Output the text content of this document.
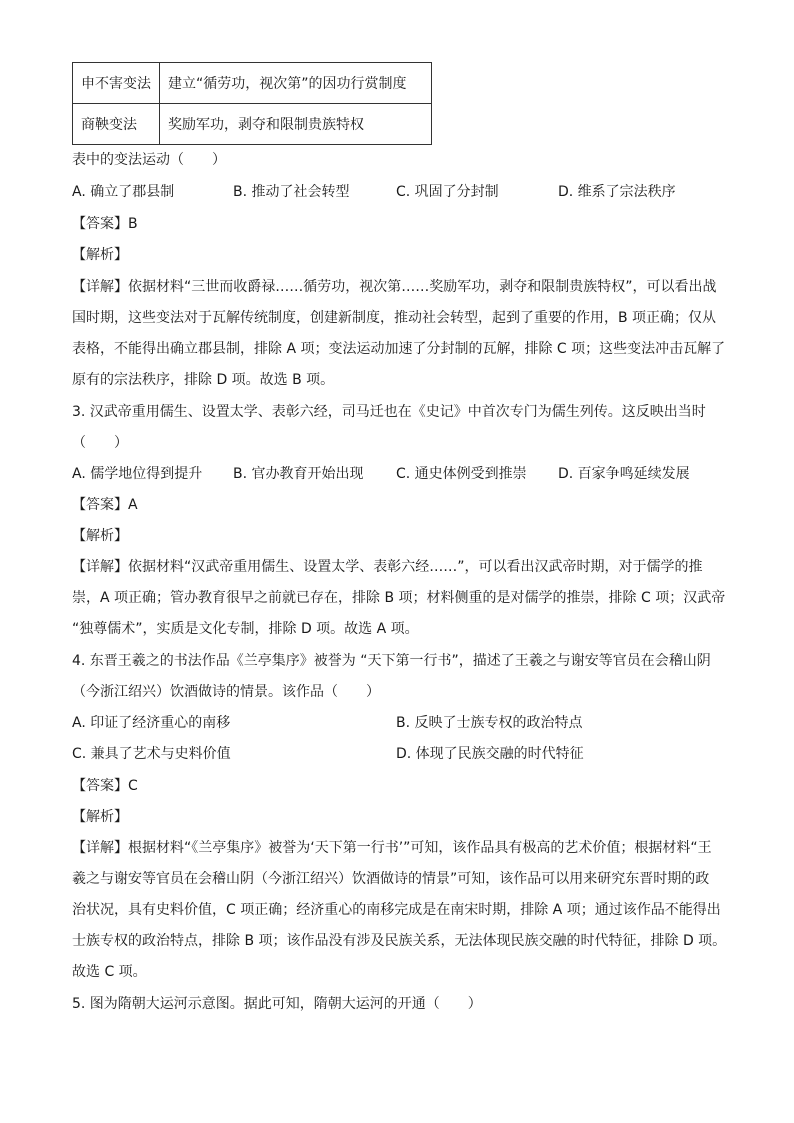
申不害变法	建立“循劳功，视次第”的因功行赏制度
商鞅变法	奖励军功，剥夺和限制贵族特权
表中的变法运动（　　）
A. 确立了郡县制	B. 推动了社会转型	C. 巩固了分封制	D. 维系了宗法秩序
【答案】B
【解析】
【详解】依据材料“三世而收爵禄……循劳功，视次第……奖励军功，剥夺和限制贵族特权”，可以看出战
国时期，这些变法对于瓦解传统制度，创建新制度，推动社会转型，起到了重要的作用，B 项正确；仅从
表格，不能得出确立郡县制，排除 A 项；变法运动加速了分封制的瓦解，排除 C 项；这些变法冲击瓦解了
原有的宗法秩序，排除 D 项。故选 B 项。
3. 汉武帝重用儒生、设置太学、表彰六经，司马迁也在《史记》中首次专门为儒生列传。这反映出当时
（　　）
A. 儒学地位得到提升 B. 官办教育开始出现 C. 通史体例受到推崇 D. 百家争鸣延续发展
【答案】A
【解析】
【详解】依据材料“汉武帝重用儒生、设置太学、表彰六经……”，可以看出汉武帝时期，对于儒学的推
崇，A 项正确；管办教育很早之前就已存在，排除 B 项；材料侧重的是对儒学的推崇，排除 C 项；汉武帝
“独尊儒术”，实质是文化专制，排除 D 项。故选 A 项。
4. 东晋王羲之的书法作品《兰亭集序》被誉为 “天下第一行书”，描述了王羲之与谢安等官员在会稽山阴
（今浙江绍兴）饮酒做诗的情景。该作品（　　）
A. 印证了经济重心的南移	B. 反映了士族专权的政治特点
C. 兼具了艺术与史料价值	D. 体现了民族交融的时代特征
【答案】C
【解析】
【详解】根据材料“《兰亭集序》被誉为‘天下第一行书’”可知，该作品具有极高的艺术价值；根据材料“王
羲之与谢安等官员在会稽山阴（今浙江绍兴）饮酒做诗的情景”可知，该作品可以用来研究东晋时期的政
治状况，具有史料价值，C 项正确；经济重心的南移完成是在南宋时期，排除 A 项；通过该作品不能得出
士族专权的政治特点，排除 B 项；该作品没有涉及民族关系，无法体现民族交融的时代特征，排除 D 项。
故选 C 项。
5. 图为隋朝大运河示意图。据此可知，隋朝大运河的开通（　　）
